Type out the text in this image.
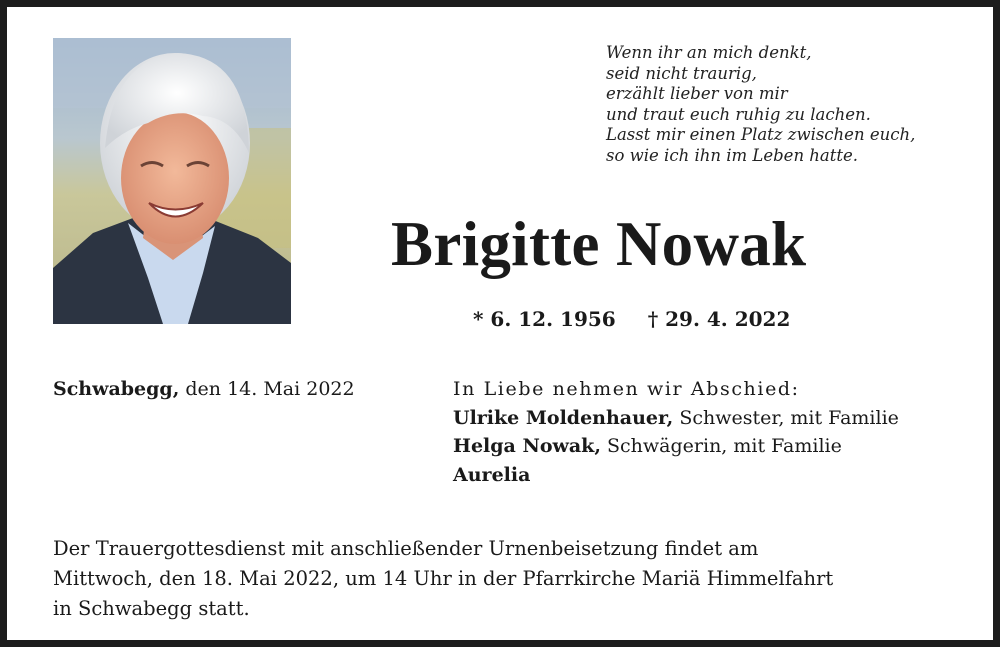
Wenn ihr an mich denkt,
seid nicht traurig,
erzählt lieber von mir
und traut euch ruhig zu lachen.
Lasst mir einen Platz zwischen euch,
so wie ich ihn im Leben hatte.
Brigitte Nowak
* 6. 12. 1956 † 29. 4. 2022
Schwabegg, den 14. Mai 2022	In Liebe nehmen wir Abschied:
Ulrike Moldenhauer, Schwester, mit Familie
Helga Nowak, Schwägerin, mit Familie
Aurelia
Der Trauergottesdienst mit anschließender Urnenbeisetzung findet am
Mittwoch, den 18. Mai 2022, um 14 Uhr in der Pfarrkirche Mariä Himmelfahrt
in Schwabegg statt.
